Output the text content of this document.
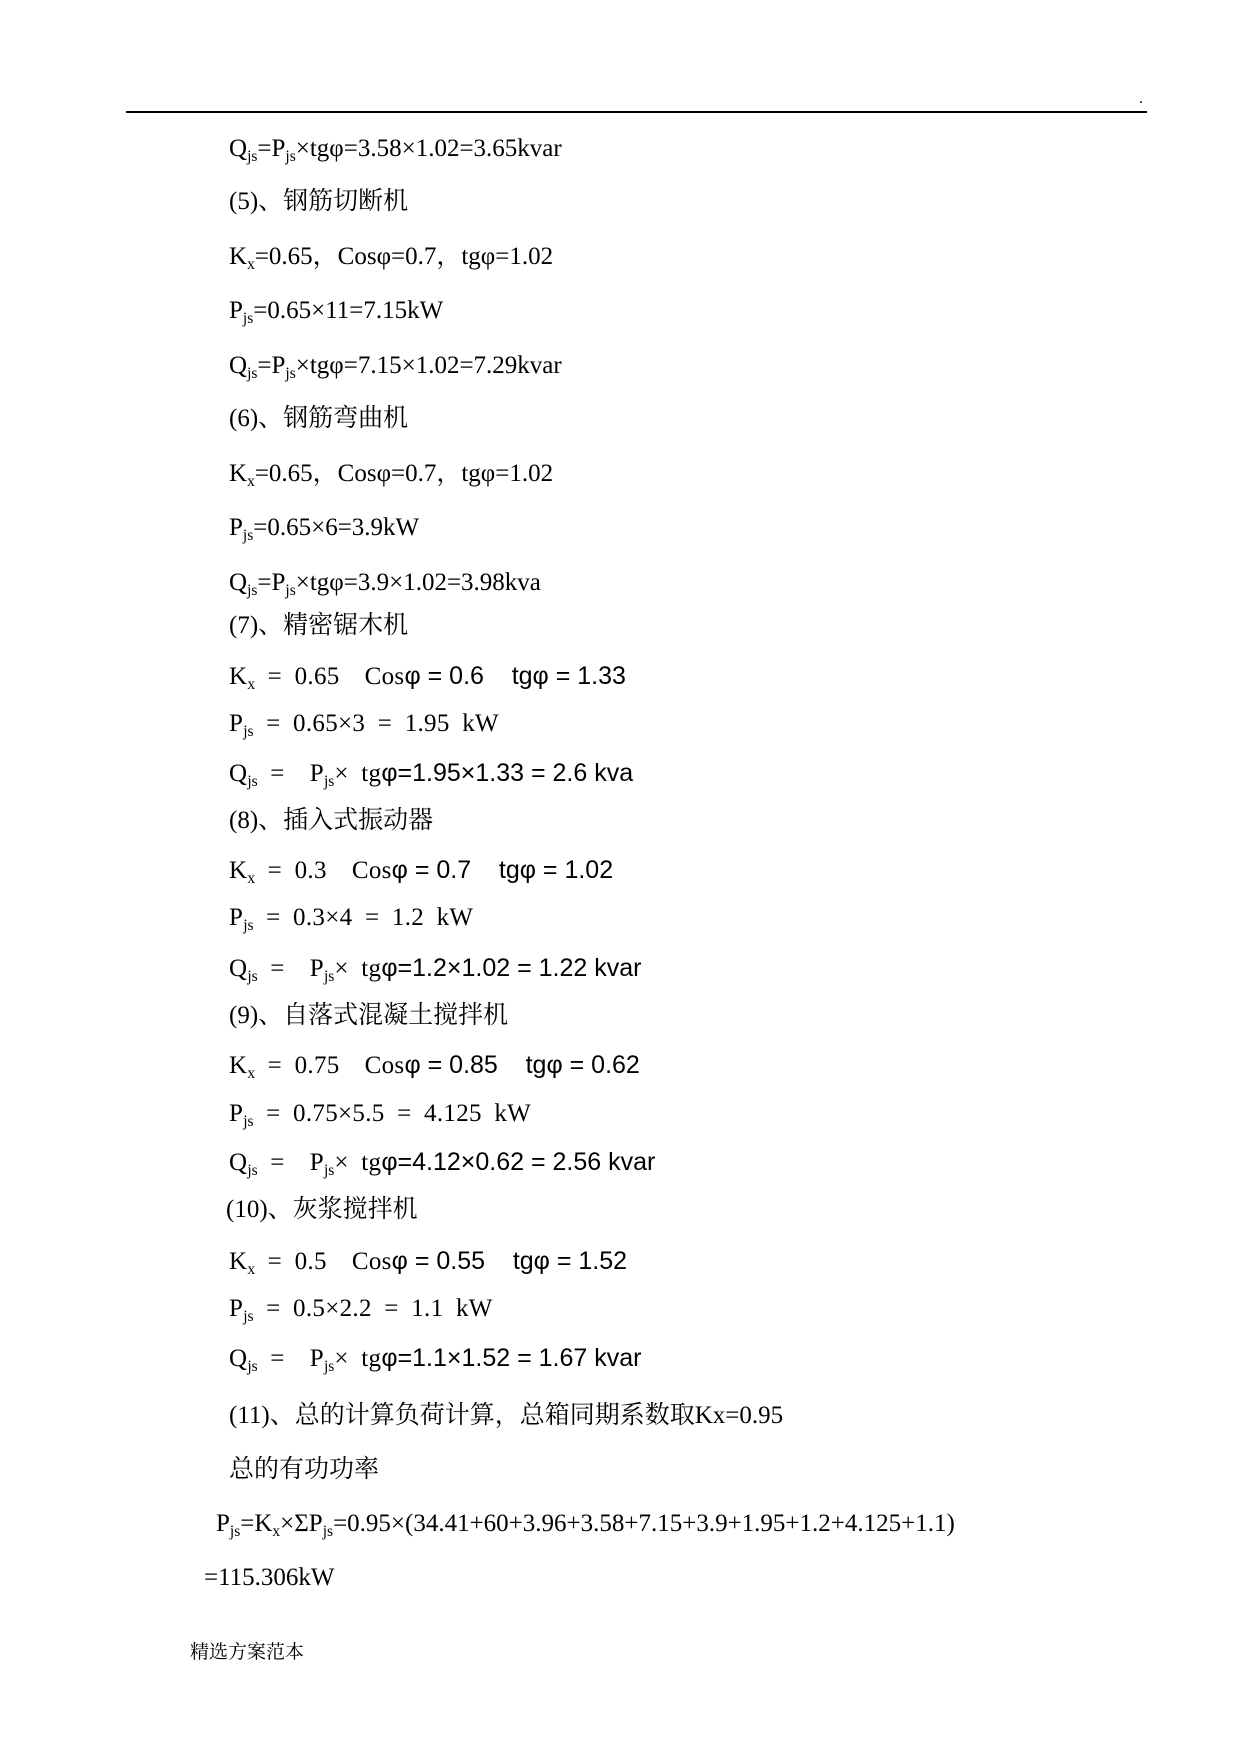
.
Q $_{js}$ =P $_{js}$ ×tgφ=3.58×1.02=3.65kvar
(5)、钢筋切断机
K $_x$ =0.65，Cosφ=0.7，tgφ=1.02
P $_{js}$ =0.65×11=7.15kW
Q $_{js}$ =P $_{js}$ ×tgφ=7.15×1.02=7.29kvar
(6)、钢筋弯曲机
K $_x$ =0.65，Cosφ=0.7，tgφ=1.02
P $_{js}$ =0.65×6=3.9kW
Q $_{js}$ =P $_{js}$ ×tgφ=3.9×1.02=3.98kva
(7)、精密锯木机
K $_x$  = 0.65  Cos φ = 0.6    tgφ = 1.33
P $_{js}$  = 0.65×3 = 1.95 kW
Q $_{js}$  =  P $_{js}$ × tg φ=1.95×1.33 = 2.6 kva
(8)、插入式振动器
K $_x$  = 0.3  Cos φ = 0.7    tgφ = 1.02
P $_{js}$  = 0.3×4 = 1.2 kW
Q $_{js}$  =  P $_{js}$ × tg φ=1.2×1.02 = 1.22 kvar
(9)、自落式混凝土搅拌机
K $_x$  = 0.75  Cos φ = 0.85    tgφ = 0.62
P $_{js}$  = 0.75×5.5 = 4.125 kW
Q $_{js}$  =  P $_{js}$ × tg φ=4.12×0.62 = 2.56 kvar
(10)、灰浆搅拌机
K $_x$  = 0.5  Cos φ = 0.55    tgφ = 1.52
P $_{js}$  = 0.5×2.2 = 1.1 kW
Q $_{js}$  =  P $_{js}$ × tg φ=1.1×1.52 = 1.67 kvar
(11)、总的计算负荷计算，总箱同期系数取Kx=0.95
总的有功功率
P $_{js}$ =K $_x$ ×ΣP $_{js}$ =0.95×(34.41+60+3.96+3.58+7.15+3.9+1.95+1.2+4.125+1.1)
=115.306kW
精选方案范本
